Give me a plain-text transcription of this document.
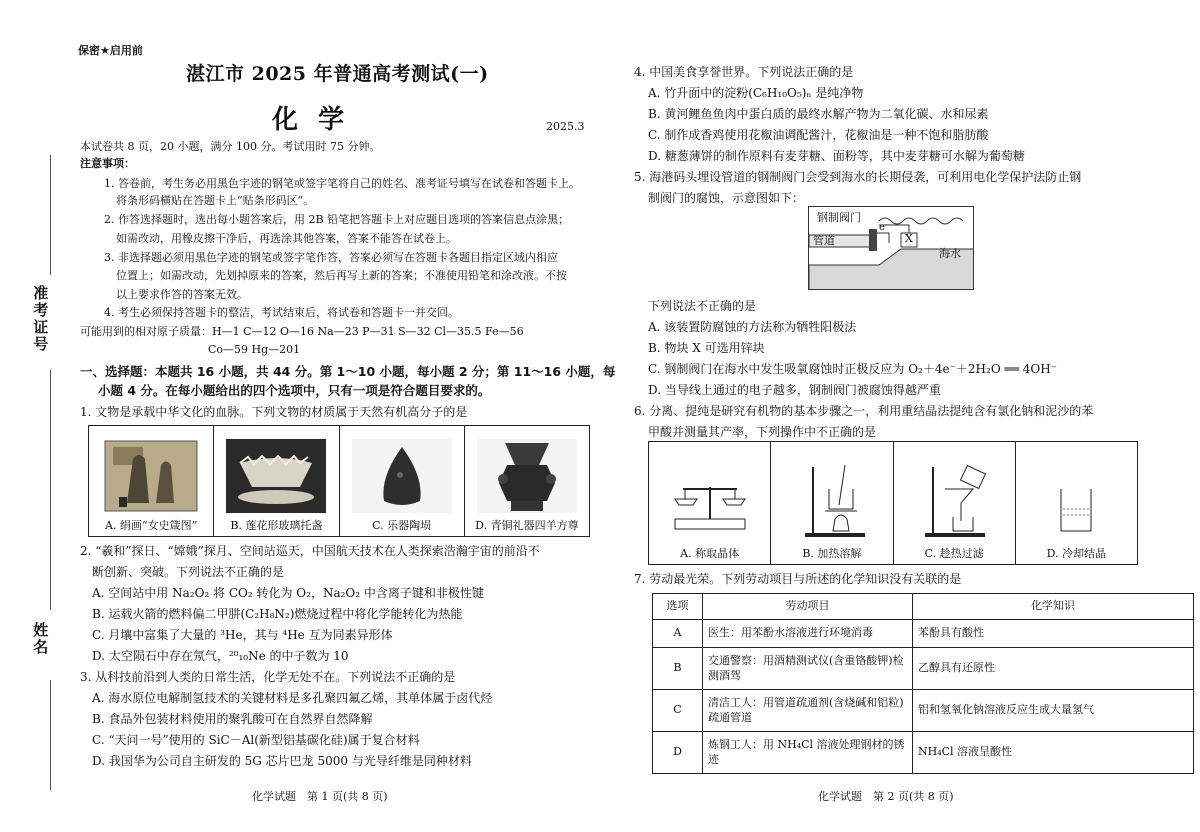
准考证号
姓名
保密★启用前
湛江市 2025 年普通高考测试(一)
化学	2025.3
本试卷共 8 页，20 小题，满分 100 分。考试用时 75 分钟。
注意事项：
1. 答卷前，考生务必用黑色字迹的钢笔或签字笔将自己的姓名、准考证号填写在试卷和答题卡上。
将条形码横贴在答题卡上“贴条形码区”。
2. 作答选择题时，选出每小题答案后，用 2B 铅笔把答题卡上对应题目选项的答案信息点涂黑；
如需改动，用橡皮擦干净后，再选涂其他答案，答案不能答在试卷上。
3. 非选择题必须用黑色字迹的钢笔或签字笔作答，答案必须写在答题卡各题目指定区域内相应
位置上；如需改动，先划掉原来的答案，然后再写上新的答案；不准使用铅笔和涂改液。不按
以上要求作答的答案无效。
4. 考生必须保持答题卡的整洁，考试结束后，将试卷和答题卡一并交回。
可能用到的相对原子质量：H—1 C—12 O—16 Na—23 P—31 S—32 Cl—35.5 Fe—56
Co—59 Hg—201
一、选择题：本题共 16 小题，共 44 分。第 1～10 小题，每小题 2 分；第 11～16 小题，每
小题 4 分。在每小题给出的四个选项中，只有一项是符合题目要求的。
1. 文物是承载中华文化的血脉。下列文物的材质属于天然有机高分子的是
A. 绢画“女史箴图”	B. 莲花形玻璃托盏	C. 乐器陶埙	D. 青铜礼器四羊方尊
2. “羲和”探日、“嫦娥”探月、空间站巡天，中国航天技术在人类探索浩瀚宇宙的前沿不
断创新、突破。下列说法不正确的是
A. 空间站中用 Na₂O₂ 将 CO₂ 转化为 O₂，Na₂O₂ 中含离子键和非极性键
B. 运载火箭的燃料偏二甲肼(C₂H₈N₂)燃烧过程中将化学能转化为热能
C. 月壤中富集了大量的 ³He，其与 ⁴He 互为同素异形体
D. 太空陨石中存在氖气，²⁰₁₀Ne 的中子数为 10
3. 从科技前沿到人类的日常生活，化学无处不在。下列说法不正确的是
A. 海水原位电解制氢技术的关键材料是多孔聚四氟乙烯，其单体属于卤代烃
B. 食品外包装材料使用的聚乳酸可在自然界自然降解
C. “天问一号”使用的 SiC－Al(新型铝基碳化硅)属于复合材料
D. 我国华为公司自主研发的 5G 芯片巴龙 5000 与光导纤维是同种材料
化学试题　第 1 页(共 8 页)
4. 中国美食享誉世界。下列说法正确的是
A. 竹升面中的淀粉(C₆H₁₀O₅)ₙ 是纯净物
B. 黄河鲤鱼鱼肉中蛋白质的最终水解产物为二氧化碳、水和尿素
C. 制作成香鸡使用花椒油调配酱汁，花椒油是一种不饱和脂肪酸
D. 糖葱薄饼的制作原料有麦芽糖、面粉等，其中麦芽糖可水解为葡萄糖
5. 海港码头埋设管道的钢制阀门会受到海水的长期侵袭，可利用电化学保护法防止钢
制阀门的腐蚀，示意图如下：
钢制阀门
管道
e⁻
X
海水
下列说法不正确的是
A. 该装置防腐蚀的方法称为牺牲阳极法
B. 物块 X 可选用锌块
C. 钢制阀门在海水中发生吸氧腐蚀时正极反应为 O₂＋4e⁻＋2H₂O ══ 4OH⁻
D. 当导线上通过的电子越多，钢制阀门被腐蚀得越严重
6. 分离、提纯是研究有机物的基本步骤之一，利用重结晶法提纯含有氯化钠和泥沙的苯
甲酸并测量其产率，下列操作中不正确的是
A. 称取晶体	B. 加热溶解	C. 趁热过滤	D. 冷却结晶
7. 劳动最光荣。下列劳动项目与所述的化学知识没有关联的是
选项	劳动项目	化学知识
A	医生：用苯酚水溶液进行环境消毒	苯酚具有酸性
B	交通警察：用酒精测试仪(含重铬酸钾)检测酒驾	乙醇具有还原性
C	清洁工人：用管道疏通剂(含烧碱和铝粒)疏通管道	铝和氢氧化钠溶液反应生成大量氢气
D	炼钢工人：用 NH₄Cl 溶液处理钢材的锈迹	NH₄Cl 溶液呈酸性
化学试题　第 2 页(共 8 页)
